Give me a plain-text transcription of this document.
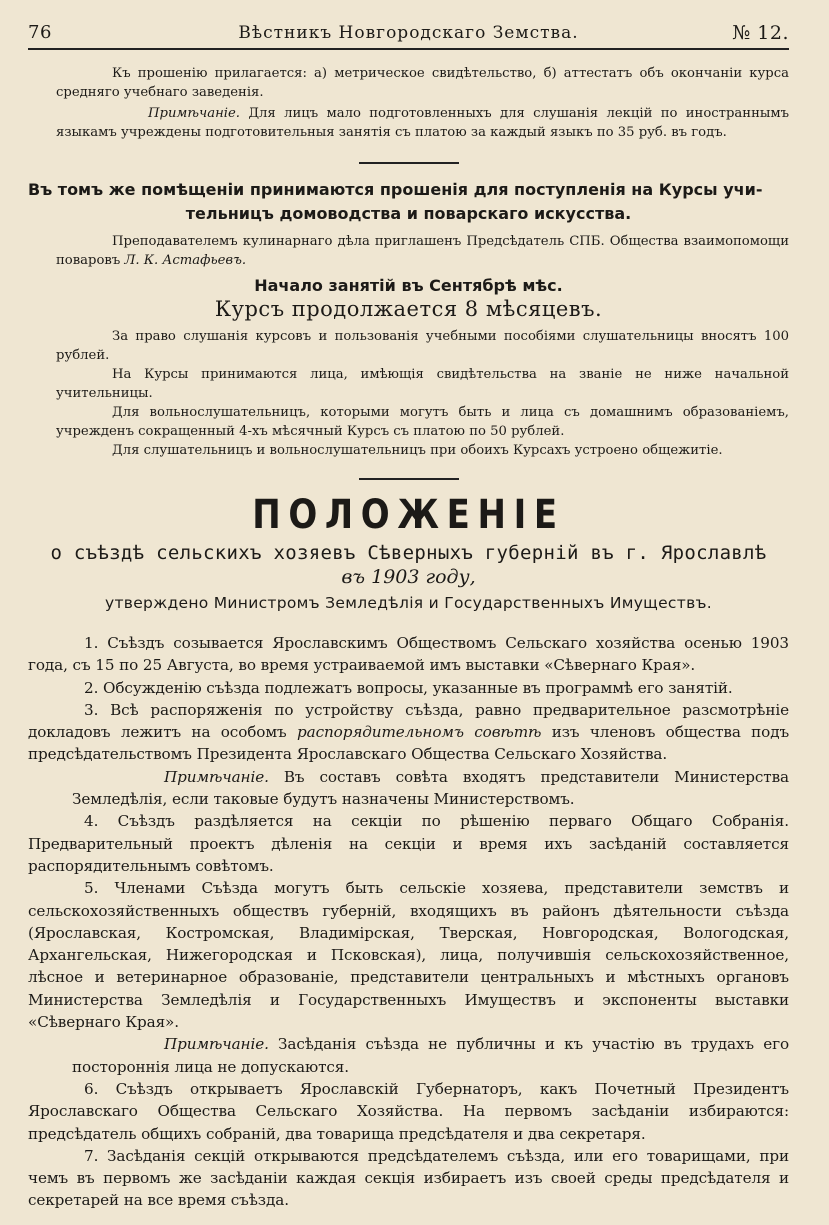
76	Вѣстникъ Новгородскаго Земства.	№ 12.

Къ прошенію прилагается: а) метрическое свидѣтельство, б) аттестатъ объ окончаніи курса средняго учебнаго заведенія.

Примѣчаніе. Для лицъ мало подготовленныхъ для слушанія лекцій по иностраннымъ языкамъ учреждены подготовительныя занятія съ платою за каждый языкъ по 35 руб. въ годъ.

Въ томъ же помѣщеніи принимаются прошенія для поступленія на Курсы учи-
тельницъ домоводства и поварскаго искусства.

Преподавателемъ кулинарнаго дѣла приглашенъ Предсѣдатель СПБ. Общества взаимопомощи поваровъ Л. К. Астафьевъ.

Начало занятій въ Сентябрѣ мѣс.

Курсъ продолжается 8 мѣсяцевъ.

За право слушанія курсовъ и пользованія учебными пособіями слушательницы вносятъ 100 рублей.

На Курсы принимаются лица, имѣющія свидѣтельства на званіе не ниже начальной учительницы.

Для вольнослушательницъ, которыми могутъ быть и лица съ домашнимъ образованіемъ, учрежденъ сокращенный 4-хъ мѣсячный Курсъ съ платою по 50 рублей.

Для слушательницъ и вольнослушательницъ при обоихъ Курсахъ устроено общежитіе.

ПОЛОЖЕНІЕ

о съѣздѣ сельскихъ хозяевъ Сѣверныхъ губерній въ г. Ярославлѣ

въ 1903 году,

утверждено Министромъ Земледѣлія и Государственныхъ Имуществъ.

1. Съѣздъ созывается Ярославскимъ Обществомъ Сельскаго хозяйства осенью 1903 года, съ 15 по 25 Августа, во время устраиваемой имъ выставки «Сѣвернаго Края».

2. Обсужденію съѣзда подлежатъ вопросы, указанные въ программѣ его занятій.

3. Всѣ распоряженія по устройству съѣзда, равно предварительное разсмотрѣніе докладовъ лежитъ на особомъ распорядительномъ совѣтѣ изъ членовъ общества подъ предсѣдательствомъ Президента Ярославскаго Общества Сельскаго Хозяйства.

Примѣчаніе. Въ составъ совѣта входятъ представители Министерства Земледѣлія, если таковые будутъ назначены Министерствомъ.

4. Съѣздъ раздѣляется на секціи по рѣшенію перваго Общаго Собранія. Предварительный проектъ дѣленія на секціи и время ихъ засѣданій составляется распорядительнымъ совѣтомъ.

5. Членами Съѣзда могутъ быть сельскіе хозяева, представители земствъ и сельскохозяйственныхъ обществъ губерній, входящихъ въ районъ дѣятельности съѣзда (Ярославская, Костромская, Владимірская, Тверская, Новгородская, Вологодская, Архангельская, Нижегородская и Псковская), лица, получившія сельскохозяйственное, лѣсное и ветеринарное образованіе, представители центральныхъ и мѣстныхъ органовъ Министерства Земледѣлія и Государственныхъ Имуществъ и экспоненты выставки «Сѣвернаго Края».

Примѣчаніе. Засѣданія съѣзда не публичны и къ участію въ трудахъ его постороннія лица не допускаются.

6. Съѣздъ открываетъ Ярославскій Губернаторъ, какъ Почетный Президентъ Ярославскаго Общества Сельскаго Хозяйства. На первомъ засѣданіи избираются: предсѣдатель общихъ собраній, два товарища предсѣдателя и два секретаря.

7. Засѣданія секцій открываются предсѣдателемъ съѣзда, или его товарищами, при чемъ въ первомъ же засѣданіи каждая секція избираетъ изъ своей среды предсѣдателя и секретарей на все время съѣзда.
